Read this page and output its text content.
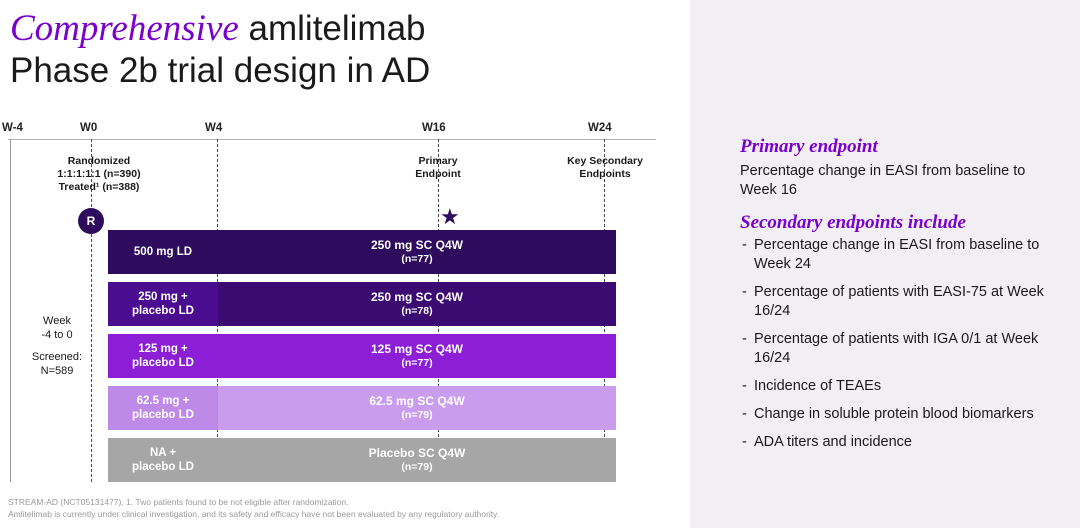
Comprehensive amlitelimab
Phase 2b trial design in AD
W-4	W0	W4	W16	W24
Randomized
1:1:1:1:1 (n=390)
Treated¹ (n=388)
Primary
Endpoint
Key Secondary
Endpoints
R	★
Week
-4 to 0
Screened:
N=589
500 mg LD	250 mg SC Q4W
(n=77)
250 mg +
placebo LD
250 mg SC Q4W
(n=78)
125 mg +
placebo LD
125 mg SC Q4W
(n=77)
62.5 mg +
placebo LD
62.5 mg SC Q4W
(n=79)
NA +
placebo LD
Placebo SC Q4W
(n=79)
STREAM-AD (NCT05131477). 1. Two patients found to be not eligible after randomization.
Amlitelimab is currently under clinical investigation, and its safety and efficacy have not been evaluated by any regulatory authority.
Primary endpoint
Percentage change in EASI from baseline to Week 16
Secondary endpoints include
- Percentage change in EASI from baseline to Week 24
- Percentage of patients with EASI-75 at Week 16/24
- Percentage of patients with IGA 0/1 at Week 16/24
- Incidence of TEAEs
- Change in soluble protein blood biomarkers
- ADA titers and incidence
